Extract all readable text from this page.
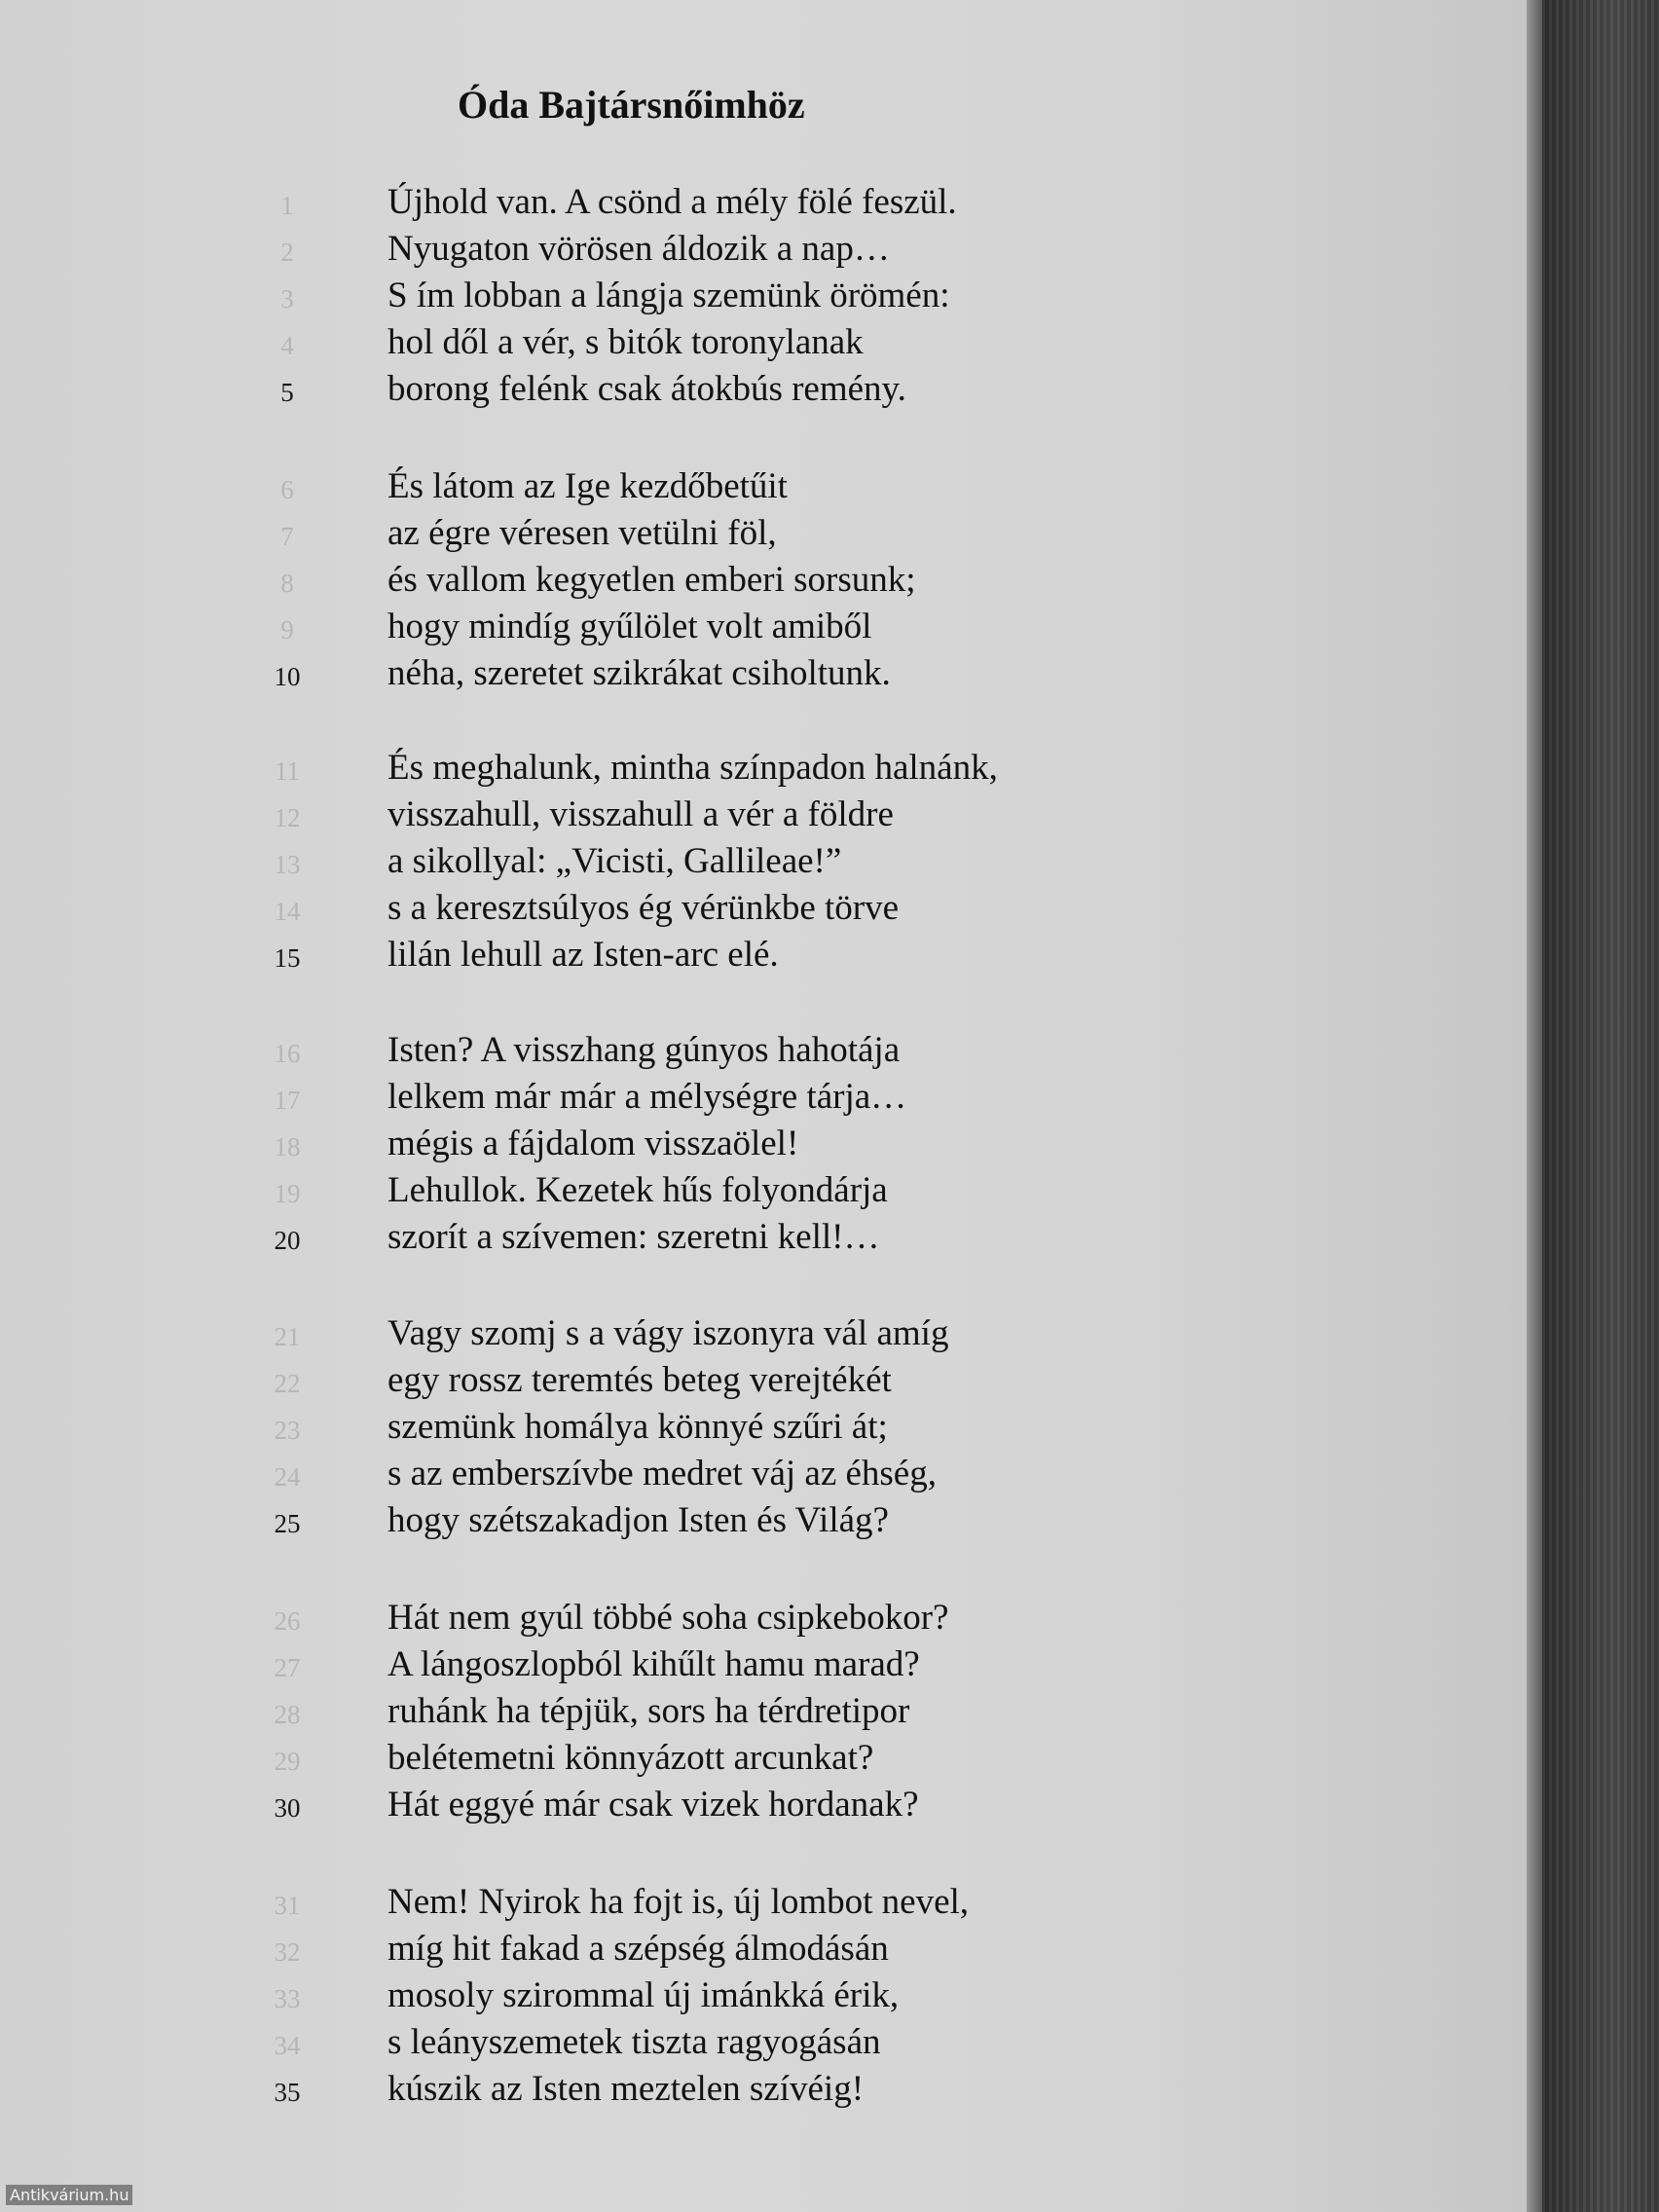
Óda Bajtársnőimhöz
1	Újhold van. A csönd a mély fölé feszül.
2	Nyugaton vörösen áldozik a nap…
3	S ím lobban a lángja szemünk örömén:
4	hol dől a vér, s bitók toronylanak
5	borong felénk csak átokbús remény.
6	És látom az Ige kezdőbetűit
7	az égre véresen vetülni föl,
8	és vallom kegyetlen emberi sorsunk;
9	hogy mindíg gyűlölet volt amiből
10	néha, szeretet szikrákat csiholtunk.
11	És meghalunk, mintha színpadon halnánk,
12	visszahull, visszahull a vér a földre
13	a sikollyal: „Vicisti, Gallileae!”
14	s a keresztsúlyos ég vérünkbe törve
15	lilán lehull az Isten-arc elé.
16	Isten? A visszhang gúnyos hahotája
17	lelkem már már a mélységre tárja…
18	mégis a fájdalom visszaölel!
19	Lehullok. Kezetek hűs folyondárja
20	szorít a szívemen: szeretni kell!…
21	Vagy szomj s a vágy iszonyra vál amíg
22	egy rossz teremtés beteg verejtékét
23	szemünk homálya könnyé szűri át;
24	s az emberszívbe medret váj az éhség,
25	hogy szétszakadjon Isten és Világ?
26	Hát nem gyúl többé soha csipkebokor?
27	A lángoszlopból kihűlt hamu marad?
28	ruhánk ha tépjük, sors ha térdretipor
29	belétemetni könnyázott arcunkat?
30	Hát eggyé már csak vizek hordanak?
31	Nem! Nyirok ha fojt is, új lombot nevel,
32	míg hit fakad a szépség álmodásán
33	mosoly szirommal új imánkká érik,
34	s leányszemetek tiszta ragyogásán
35	kúszik az Isten meztelen szívéig!
Antikvárium.hu
